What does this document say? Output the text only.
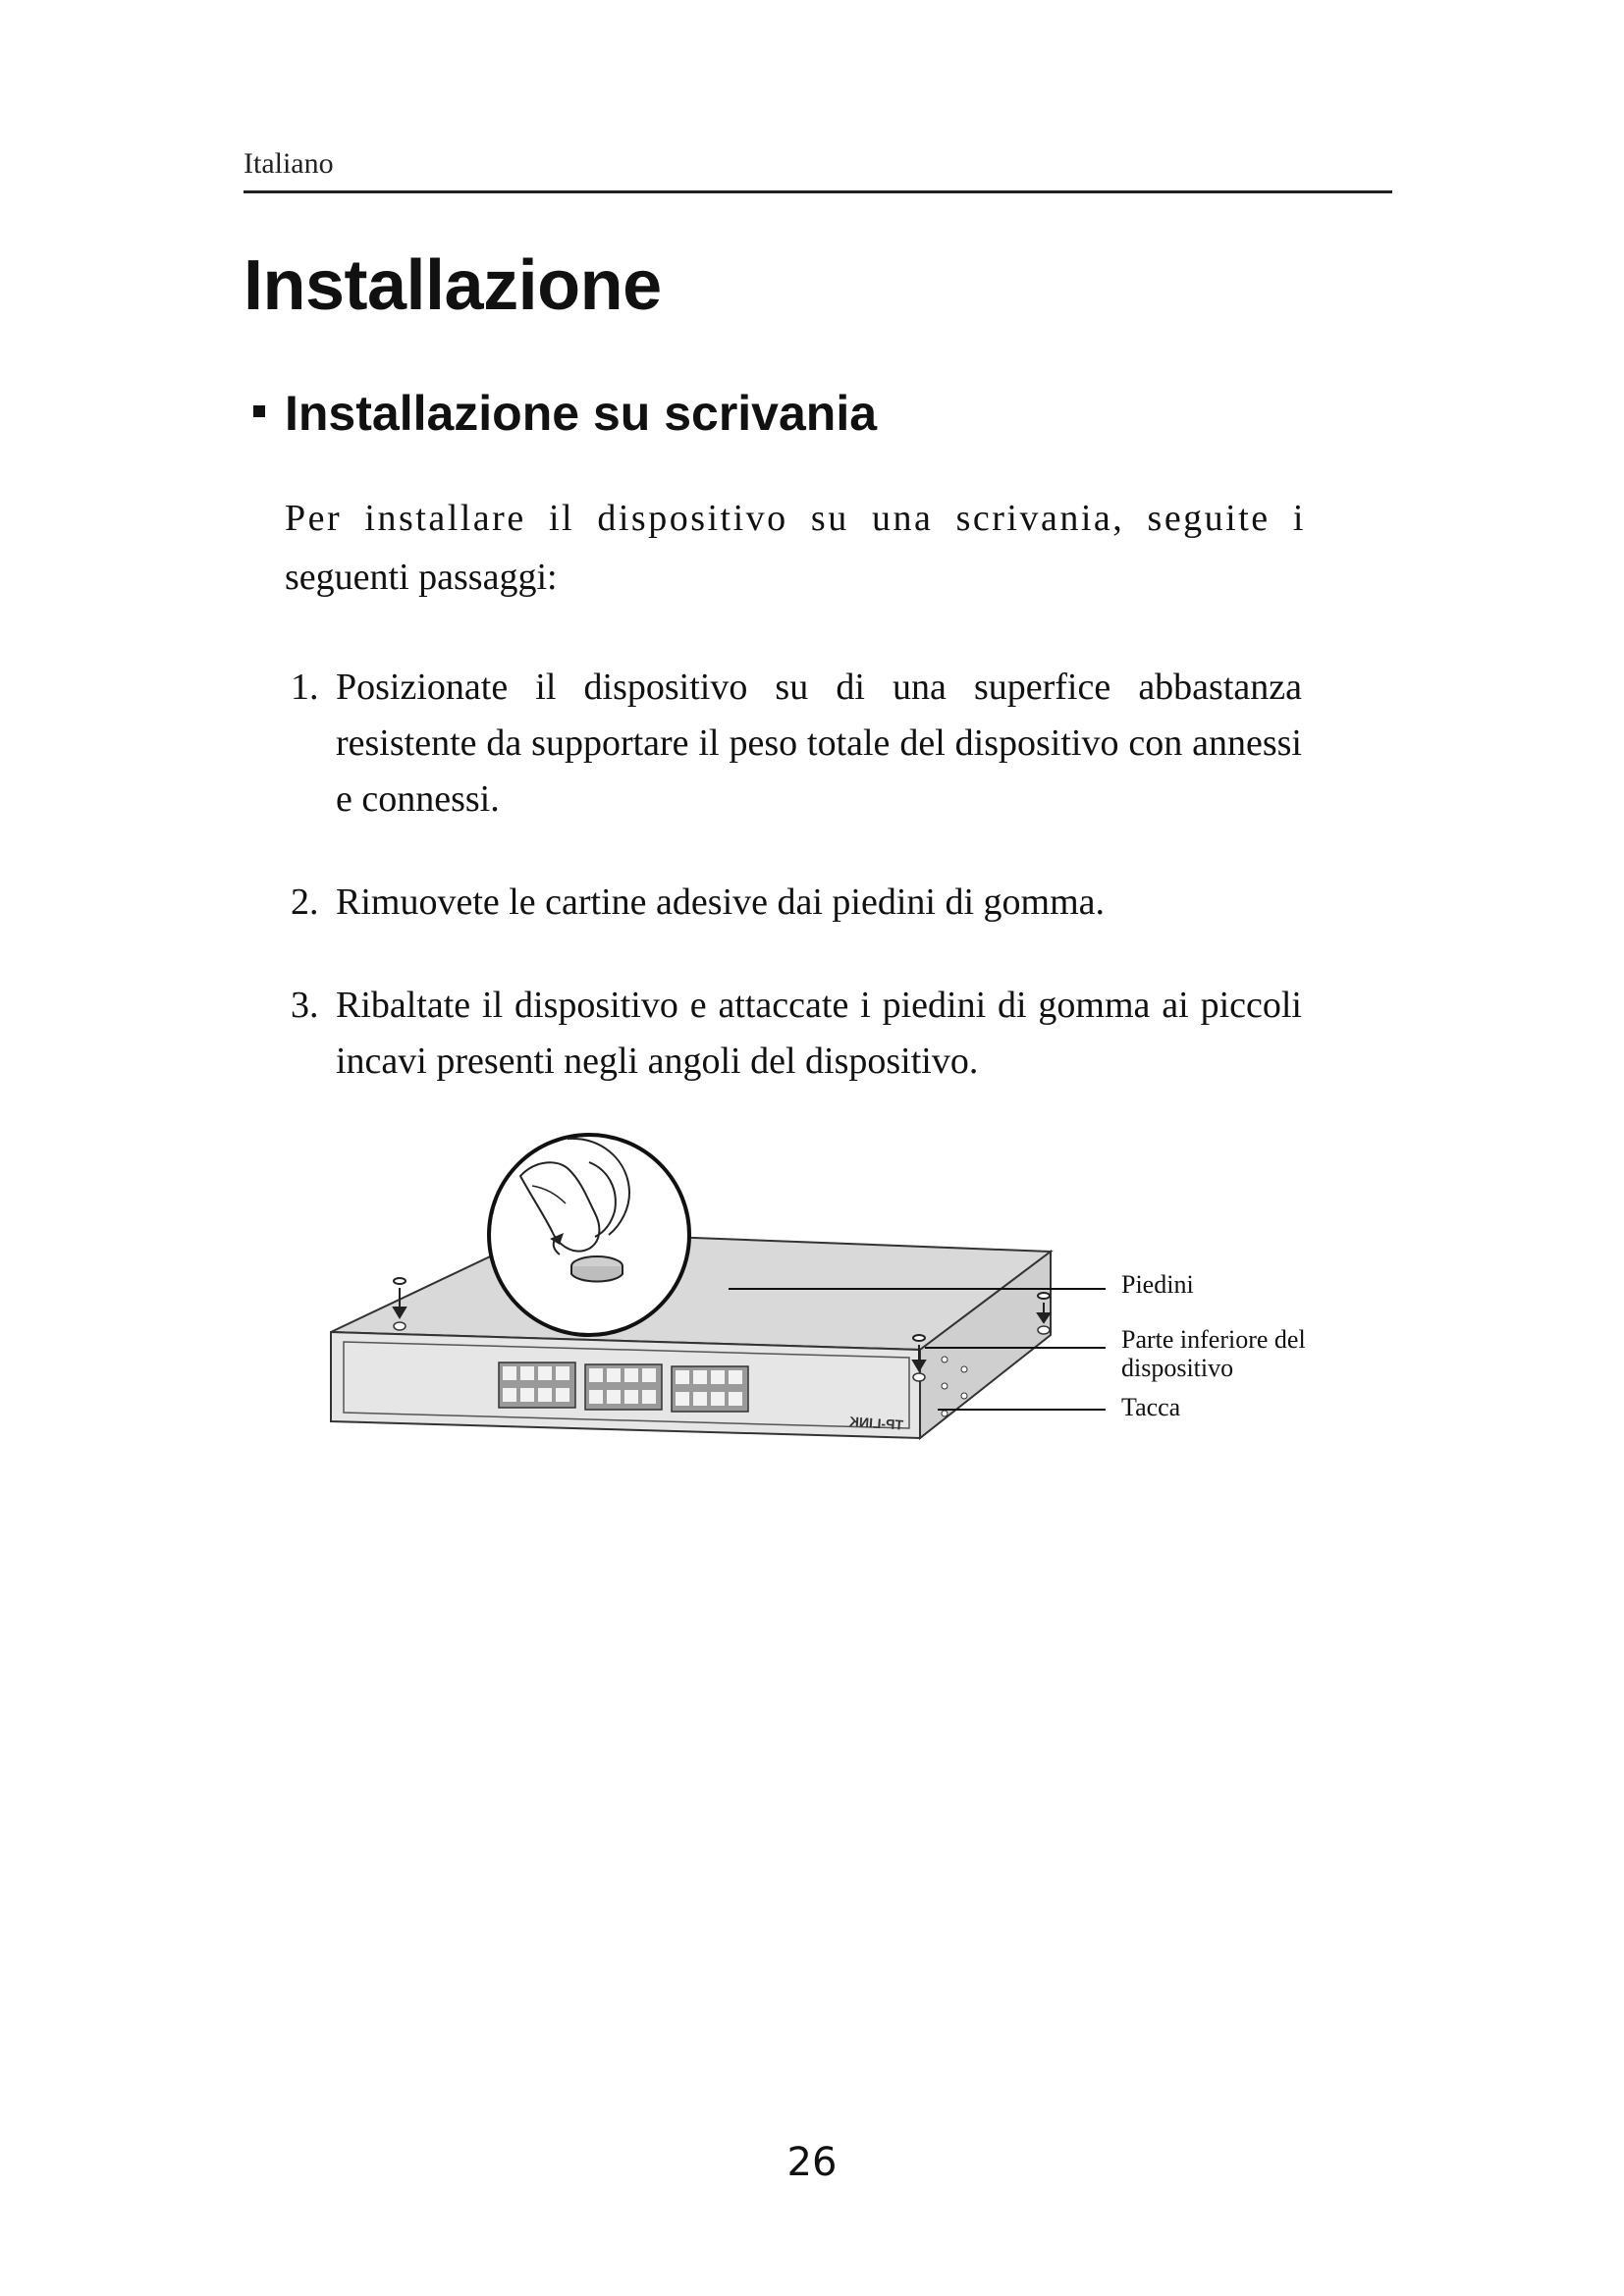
Italiano
Installazione
Installazione su scrivania

Per installare il dispositivo su una scrivania, seguite i
seguenti passaggi:

1. Posizionate il dispositivo su di una superfice abbastanza resistente da supportare il peso totale del dispositivo con annessi e connessi.
2. Rimuovete le cartine adesive dai piedini di gomma.
3. Ribaltate il dispositivo e attaccate i piedini di gomma ai piccoli incavi presenti negli angoli del dispositivo.
TP-LINK
Piedini
Parte inferiore del
dispositivo
Tacca
26
